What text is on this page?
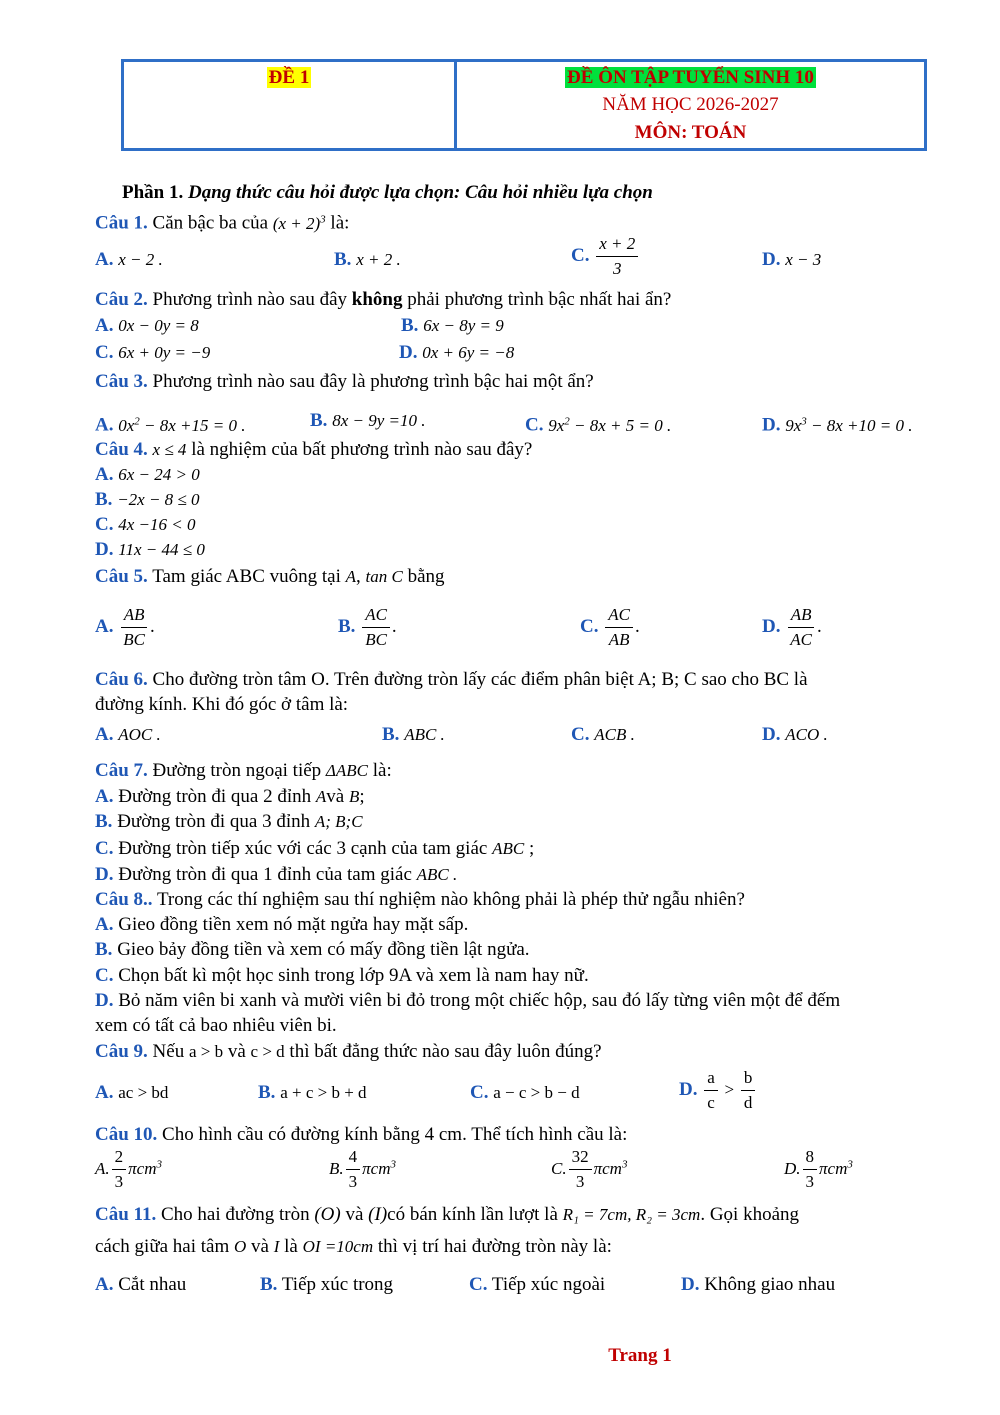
ĐỀ 1	ĐỀ ÔN TẬP TUYỂN SINH 10
NĂM HỌC 2026-2027
MÔN: TOÁN
Phần 1. Dạng thức câu hỏi được lựa chọn: Câu hỏi nhiều lựa chọn
Câu 1. Căn bậc ba của $(x + 2)^3$ là:
A. x − 2 .	B. x + 2 .	C. $\frac{x + 2}{3}$	D. x − 3
Câu 2. Phương trình nào sau đây không phải phương trình bậc nhất hai ẩn?
A. 0x − 0y = 8	B. 6x − 8y = 9
C. 6x + 0y = −9	D. 0x + 6y = −8
Câu 3. Phương trình nào sau đây là phương trình bậc hai một ẩn?
A. $0x^2 - 8x +15 = 0$ .	B. 8x − 9y =10 .	C. $9x^2 - 8x + 5 = 0$ .	D. $9x^3 - 8x +10 = 0$ .
Câu 4. x ≤ 4 là nghiệm của bất phương trình nào sau đây?
A. 6x − 24 > 0
B. −2x − 8 ≤ 0
C. 4x −16 < 0
D. 11x − 44 ≤ 0
Câu 5. Tam giác ABC vuông tại A, tan C bằng
A. $\frac{AB}{BC}$ .	B. $\frac{AC}{BC}$ .	C. $\frac{AC}{AB}$ .	D. $\frac{AB}{AC}$ .
Câu 6. Cho đường tròn tâm O. Trên đường tròn lấy các điểm phân biệt A; B; C sao cho BC là
đường kính. Khi đó góc ở tâm là:
A. AOC .	B. ABC .	C. ACB .	D. ACO .
Câu 7. Đường tròn ngoại tiếp ΔABC là:
A. Đường tròn đi qua 2 đỉnh Avà B;
B. Đường tròn đi qua 3 đỉnh A; B;C
C. Đường tròn tiếp xúc với các 3 cạnh của tam giác ABC ;
D. Đường tròn đi qua 1 đỉnh của tam giác ABC .
Câu 8.. Trong các thí nghiệm sau thí nghiệm nào không phải là phép thử ngẫu nhiên?
A. Gieo đồng tiền xem nó mặt ngửa hay mặt sấp.
B. Gieo bảy đồng tiền và xem có mấy đồng tiền lật ngửa.
C. Chọn bất kì một học sinh trong lớp 9A và xem là nam hay nữ.
D. Bỏ năm viên bi xanh và mười viên bi đỏ trong một chiếc hộp, sau đó lấy từng viên một để đếm
xem có tất cả bao nhiêu viên bi.
Câu 9. Nếu a > b và c > d thì bất đẳng thức nào sau đây luôn đúng?
A. ac > bd	B. a + c > b + d	C. a − c > b − d	D. $\frac{a}{c} > \frac{b}{d}$
Câu 10. Cho hình cầu có đường kính bằng 4 cm. Thể tích hình cầu là:
A. $\frac{2}{3} \pi cm^3$	B. $\frac{4}{3} \pi cm^3$	C. $\frac{32}{3} \pi cm^3$	D. $\frac{8}{3} \pi cm^3$
Câu 11. Cho hai đường tròn (O) và (I)có bán kính lần lượt là R₁ = 7cm, R₂ = 3cm. Gọi khoảng
cách giữa hai tâm O và I là OI =10cm thì vị trí hai đường tròn này là:
A. Cắt nhau	B. Tiếp xúc trong	C. Tiếp xúc ngoài	D. Không giao nhau
Trang 1
